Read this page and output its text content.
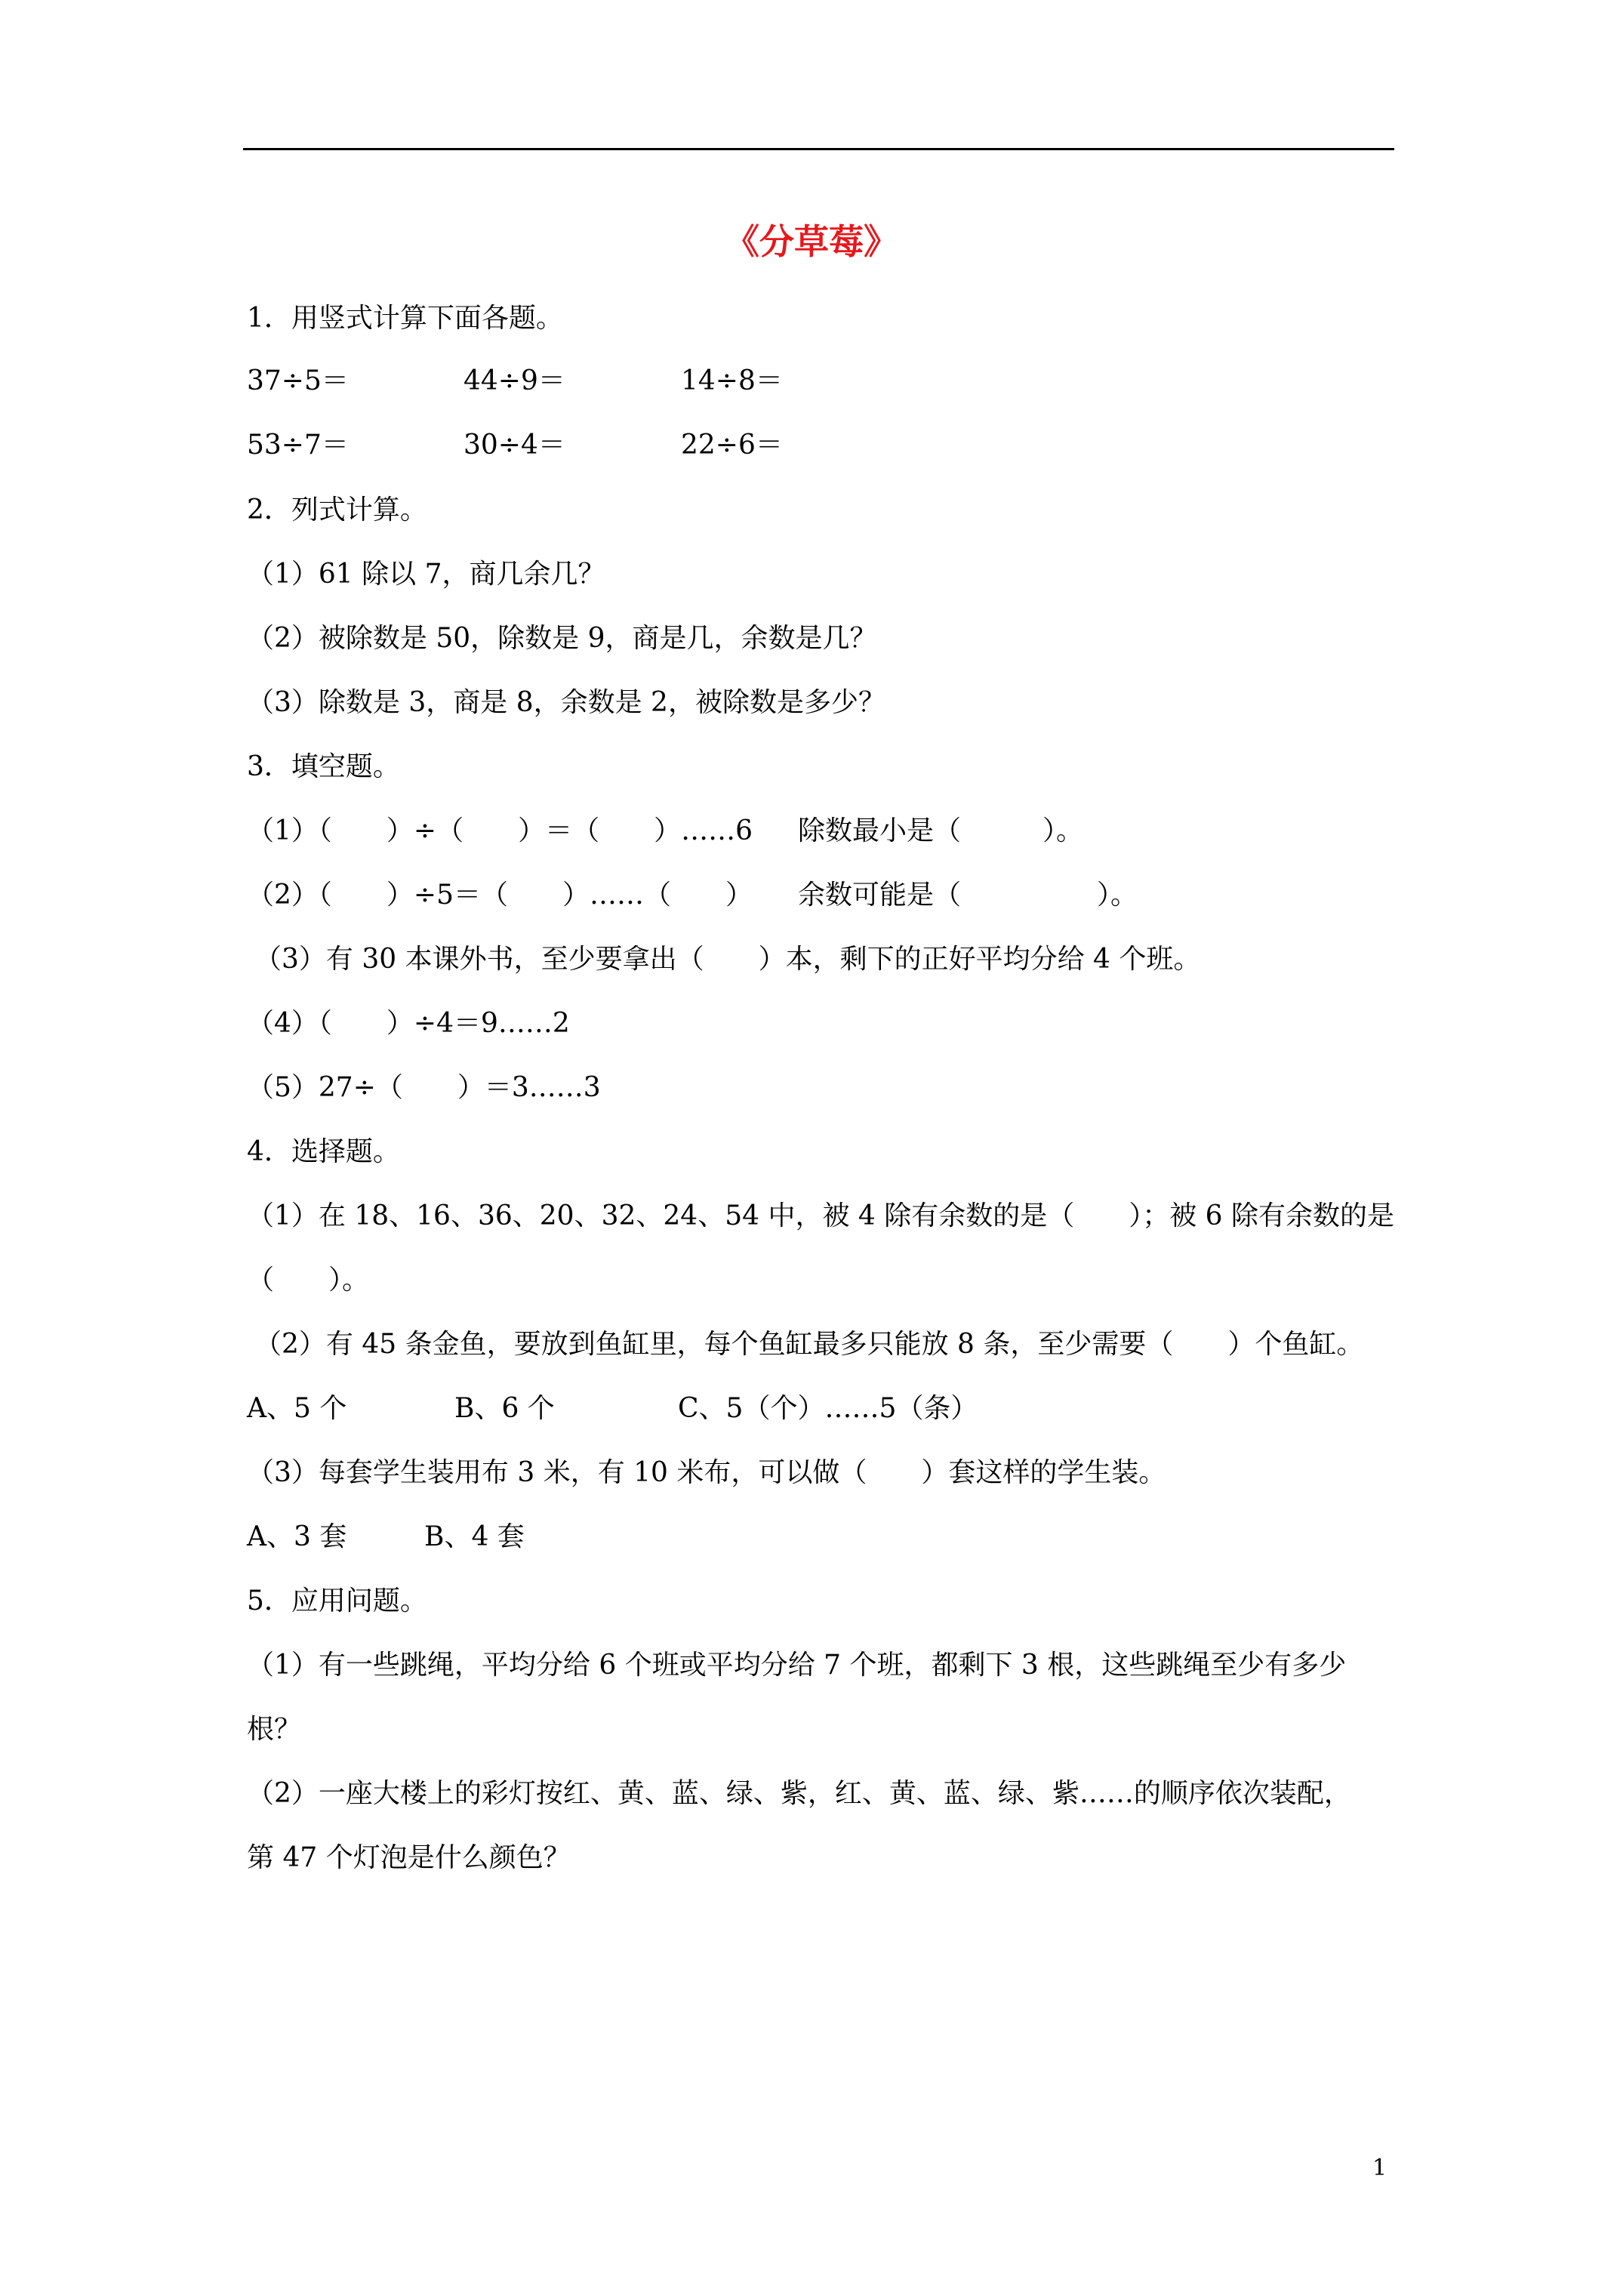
《分草莓》
1．用竖式计算下面各题。
37÷5＝	44÷9＝	14÷8＝
53÷7＝	30÷4＝	22÷6＝
2．列式计算。
（1）61 除以 7，商几余几？
（2）被除数是 50，除数是 9，商是几，余数是几？
（3）除数是 3，商是 8，余数是 2，被除数是多少？
3．填空题。
（1）（　　）÷（　　）＝（　　）……6 除数最小是（　　　）。
（2）（　　）÷5＝（　　）……（　　） 余数可能是（　　　　　）。
（3）有 30 本课外书，至少要拿出（　　）本，剩下的正好平均分给 4 个班。
（4）（　　）÷4＝9……2
（5）27÷（　　）＝3……3
4．选择题。
（1）在 18、16、36、20、32、24、54 中，被 4 除有余数的是（　　）；被 6 除有余数的是
（　　）。
（2）有 45 条金鱼，要放到鱼缸里，每个鱼缸最多只能放 8 条，至少需要（　　）个鱼缸。
A、5 个	B、6 个	C、5（个）……5（条）
（3）每套学生装用布 3 米，有 10 米布，可以做（　　）套这样的学生装。
A、3 套	B、4 套
5．应用问题。
（1）有一些跳绳，平均分给 6 个班或平均分给 7 个班，都剩下 3 根，这些跳绳至少有多少
根？
（2）一座大楼上的彩灯按红、黄、蓝、绿、紫，红、黄、蓝、绿、紫……的顺序依次装配，
第 47 个灯泡是什么颜色？
1
